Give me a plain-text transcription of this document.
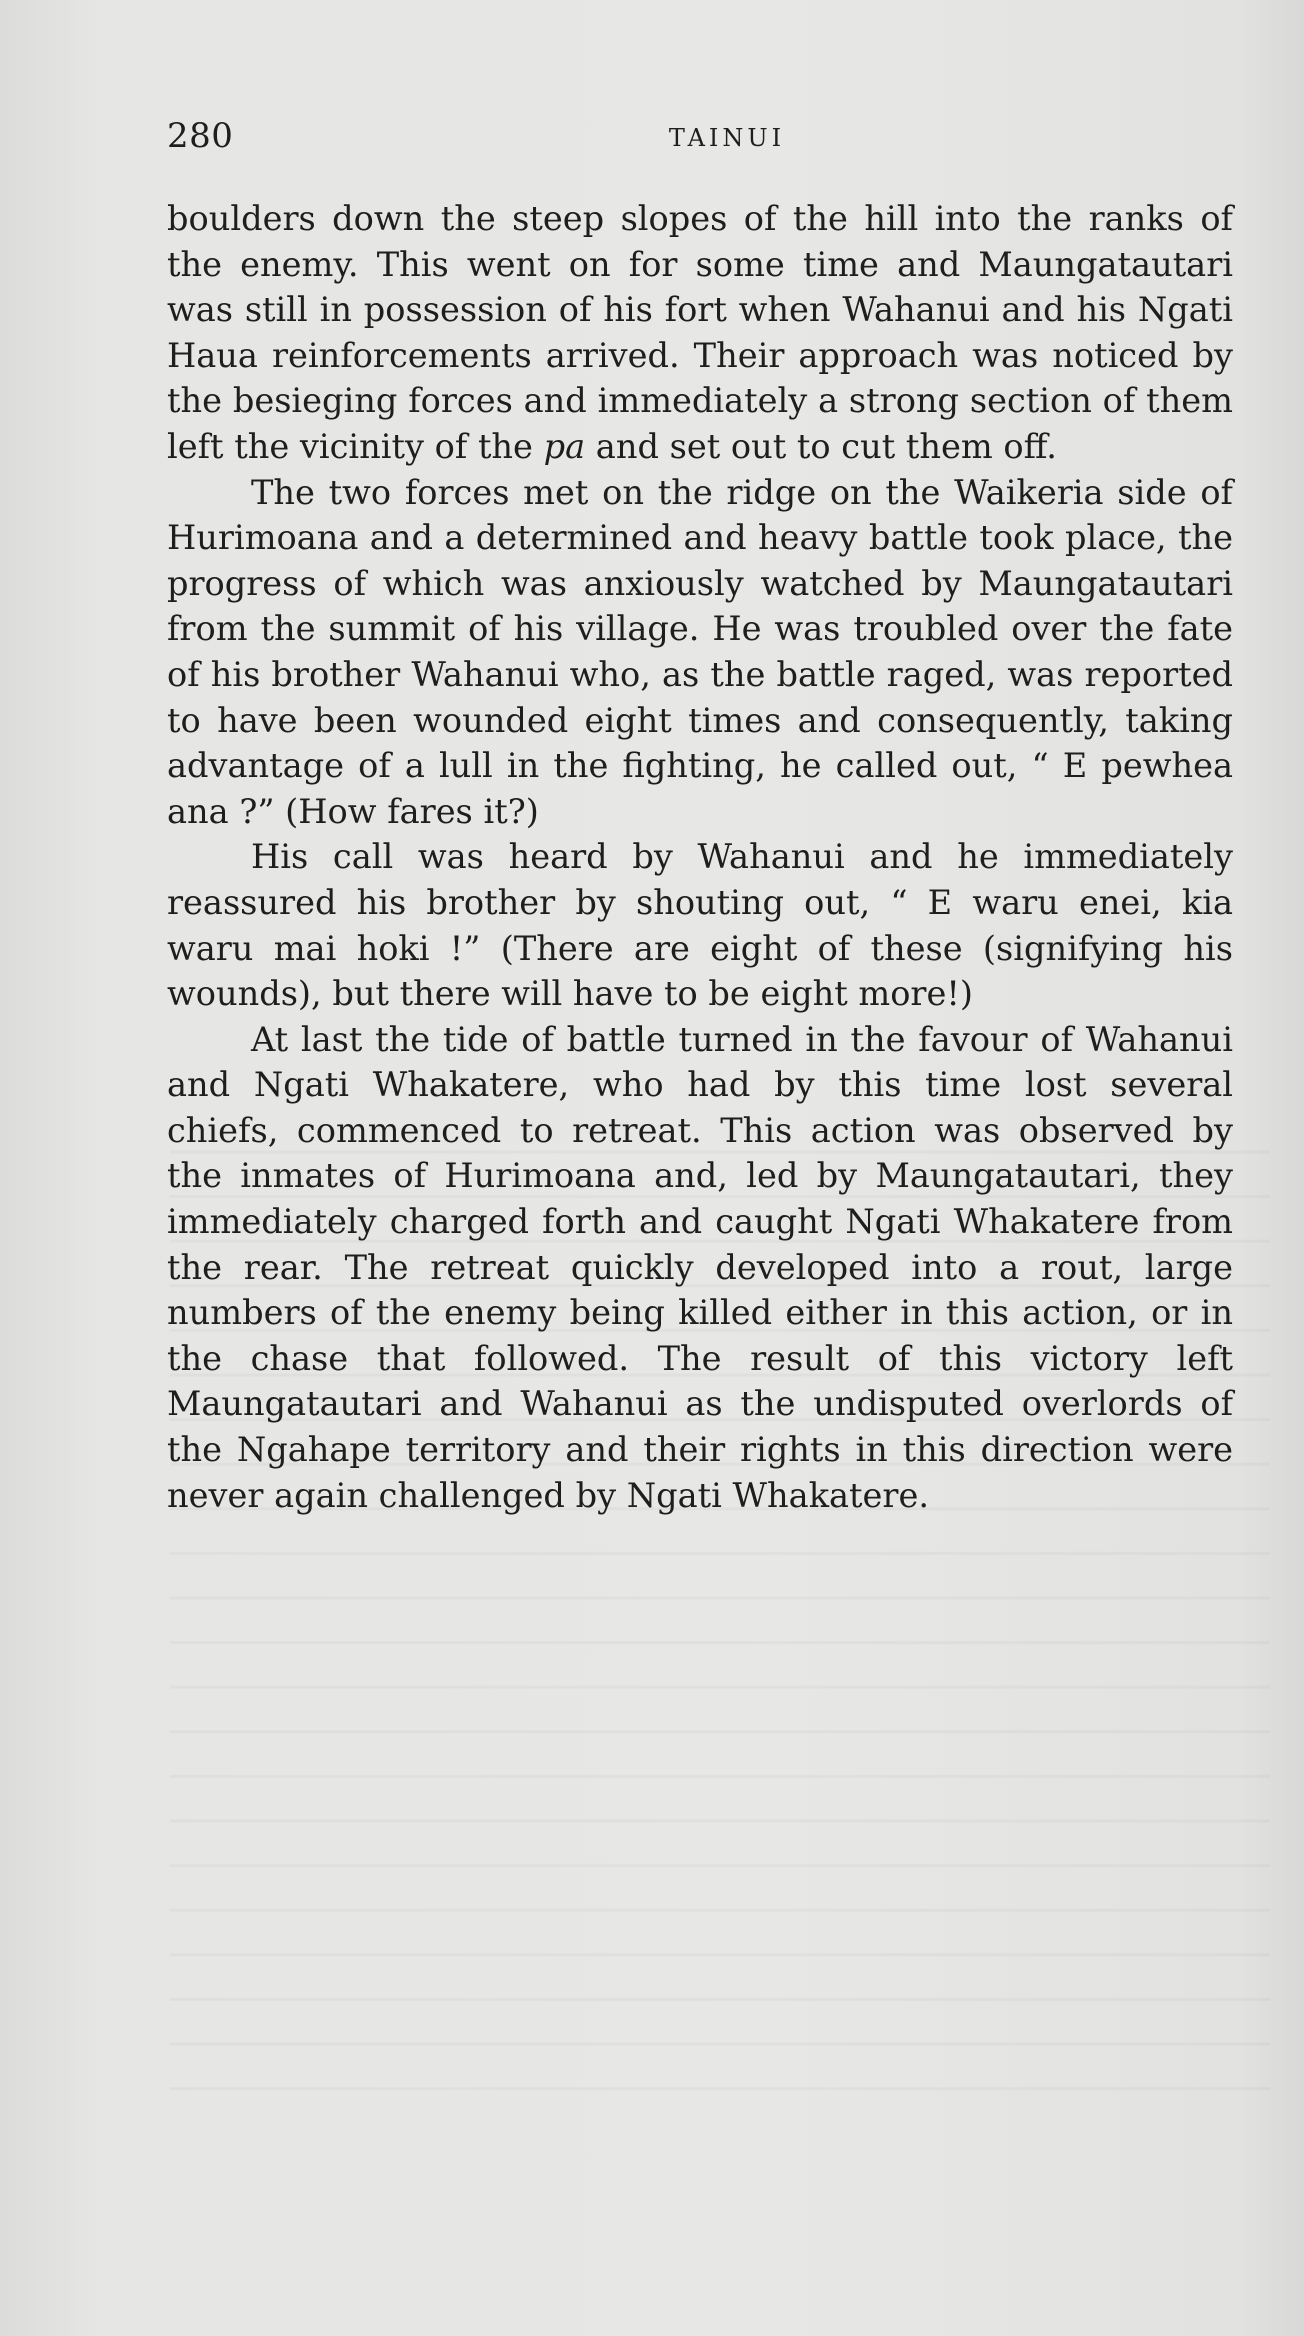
280	TAINUI

boulders down the steep slopes of the hill into the ranks of the enemy. This went on for some time and Maungatautari was still in possession of his fort when Wahanui and his Ngati Haua reinforcements arrived. Their approach was noticed by the besieging forces and immediately a strong section of them left the vicinity of the pa and set out to cut them off.

The two forces met on the ridge on the Waikeria side of Hurimoana and a determined and heavy battle took place, the progress of which was anxiously watched by Maungatautari from the summit of his village. He was troubled over the fate of his brother Wahanui who, as the battle raged, was reported to have been wounded eight times and consequently, taking advantage of a lull in the fighting, he called out, “ E pewhea ana ?” (How fares it?)

His call was heard by Wahanui and he immediately reassured his brother by shouting out, “ E waru enei, kia waru mai hoki !” (There are eight of these (signifying his wounds), but there will have to be eight more!)

At last the tide of battle turned in the favour of Wahanui and Ngati Whakatere, who had by this time lost several chiefs, commenced to retreat. This action was observed by the inmates of Hurimoana and, led by Maungatautari, they immediately charged forth and caught Ngati Whakatere from the rear. The retreat quickly developed into a rout, large numbers of the enemy being killed either in this action, or in the chase that followed. The result of this victory left Maungatautari and Wahanui as the undisputed overlords of the Ngahape territory and their rights in this direction were never again challenged by Ngati Whakatere.
